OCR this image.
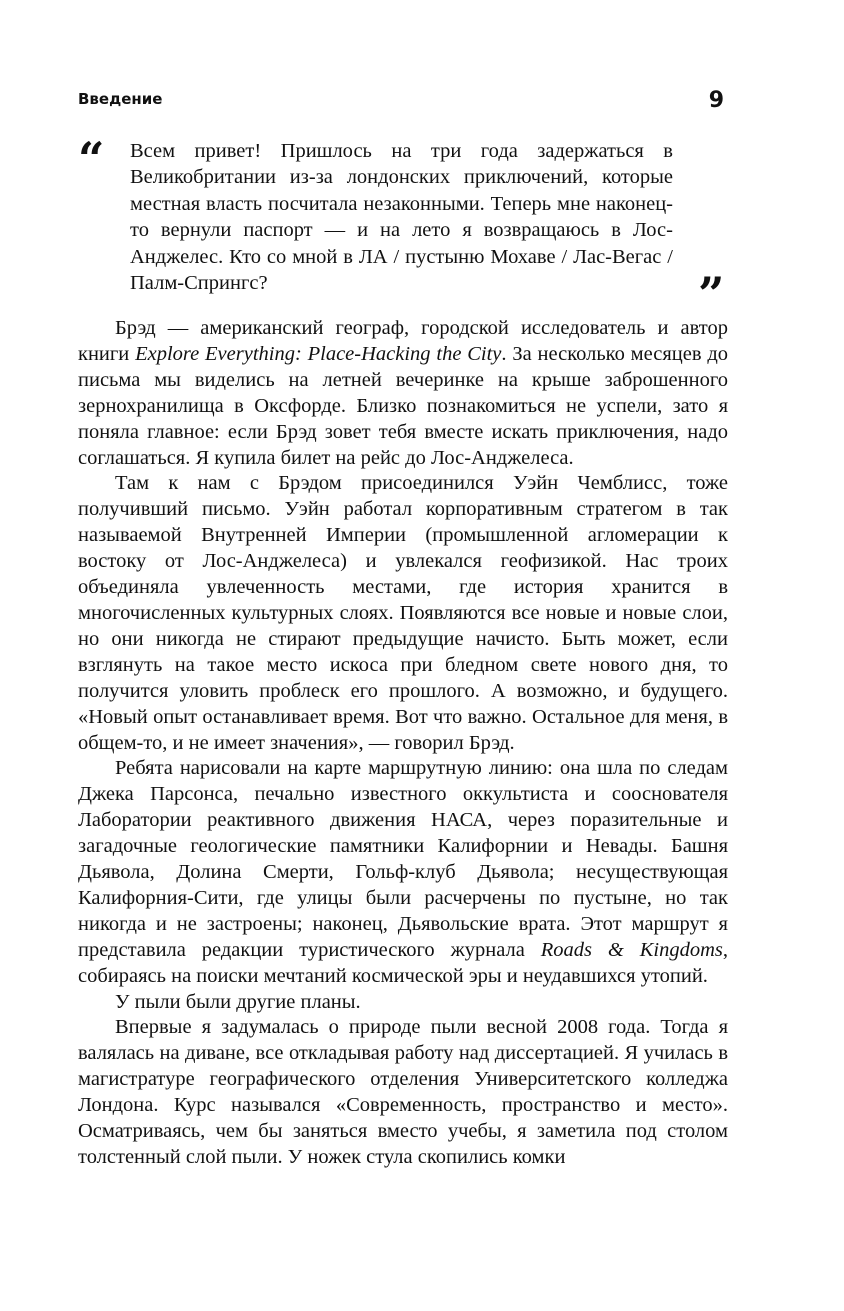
Введение	9
“ Всем привет! Пришлось на три года задержаться в Великобритании из-за лондонских приключений, которые местная власть посчитала незаконными. Теперь мне наконец-то вернули паспорт — и на лето я возвращаюсь в Лос-Анджелес. Кто со мной в ЛА / пустыню Мохаве / Лас-Вегас / Палм-Спрингс?	”

Брэд — американский географ, городской исследователь и автор книги Explore Everything: Place-Hacking the City. За несколько месяцев до письма мы виделись на летней вечеринке на крыше заброшенного зернохранилища в Оксфорде. Близко познакомиться не успели, зато я поняла главное: если Брэд зовет тебя вместе искать приключения, надо соглашаться. Я купила билет на рейс до Лос-Анджелеса.

Там к нам с Брэдом присоединился Уэйн Чемблисс, тоже получивший письмо. Уэйн работал корпоративным стратегом в так называемой Внутренней Империи (промышленной агломерации к востоку от Лос-Анджелеса) и увлекался геофизикой. Нас троих объединяла увлеченность местами, где история хранится в многочисленных культурных слоях. Появляются все новые и новые слои, но они никогда не стирают предыдущие начисто. Быть может, если взглянуть на такое место искоса при бледном свете нового дня, то получится уловить проблеск его прошлого. А возможно, и будущего. «Новый опыт останавливает время. Вот что важно. Остальное для меня, в общем-то, и не имеет значения», — говорил Брэд.

Ребята нарисовали на карте маршрутную линию: она шла по следам Джека Парсонса, печально известного оккультиста и сооснователя Лаборатории реактивного движения НАСА, через поразительные и загадочные геологические памятники Калифорнии и Невады. Башня Дьявола, Долина Смерти, Гольф-клуб Дьявола; несуществующая Калифорния-Сити, где улицы были расчерчены по пустыне, но так никогда и не застроены; наконец, Дьявольские врата. Этот маршрут я представила редакции туристического журнала Roads & Kingdoms, собираясь на поиски мечтаний космической эры и неудавшихся утопий.

У пыли были другие планы.

Впервые я задумалась о природе пыли весной 2008 года. Тогда я валялась на диване, все откладывая работу над диссертацией. Я училась в магистратуре географического отделения Университетского колледжа Лондона. Курс назывался «Современность, пространство и место». Осматриваясь, чем бы заняться вместо учебы, я заметила под столом толстенный слой пыли. У ножек стула скопились комки
